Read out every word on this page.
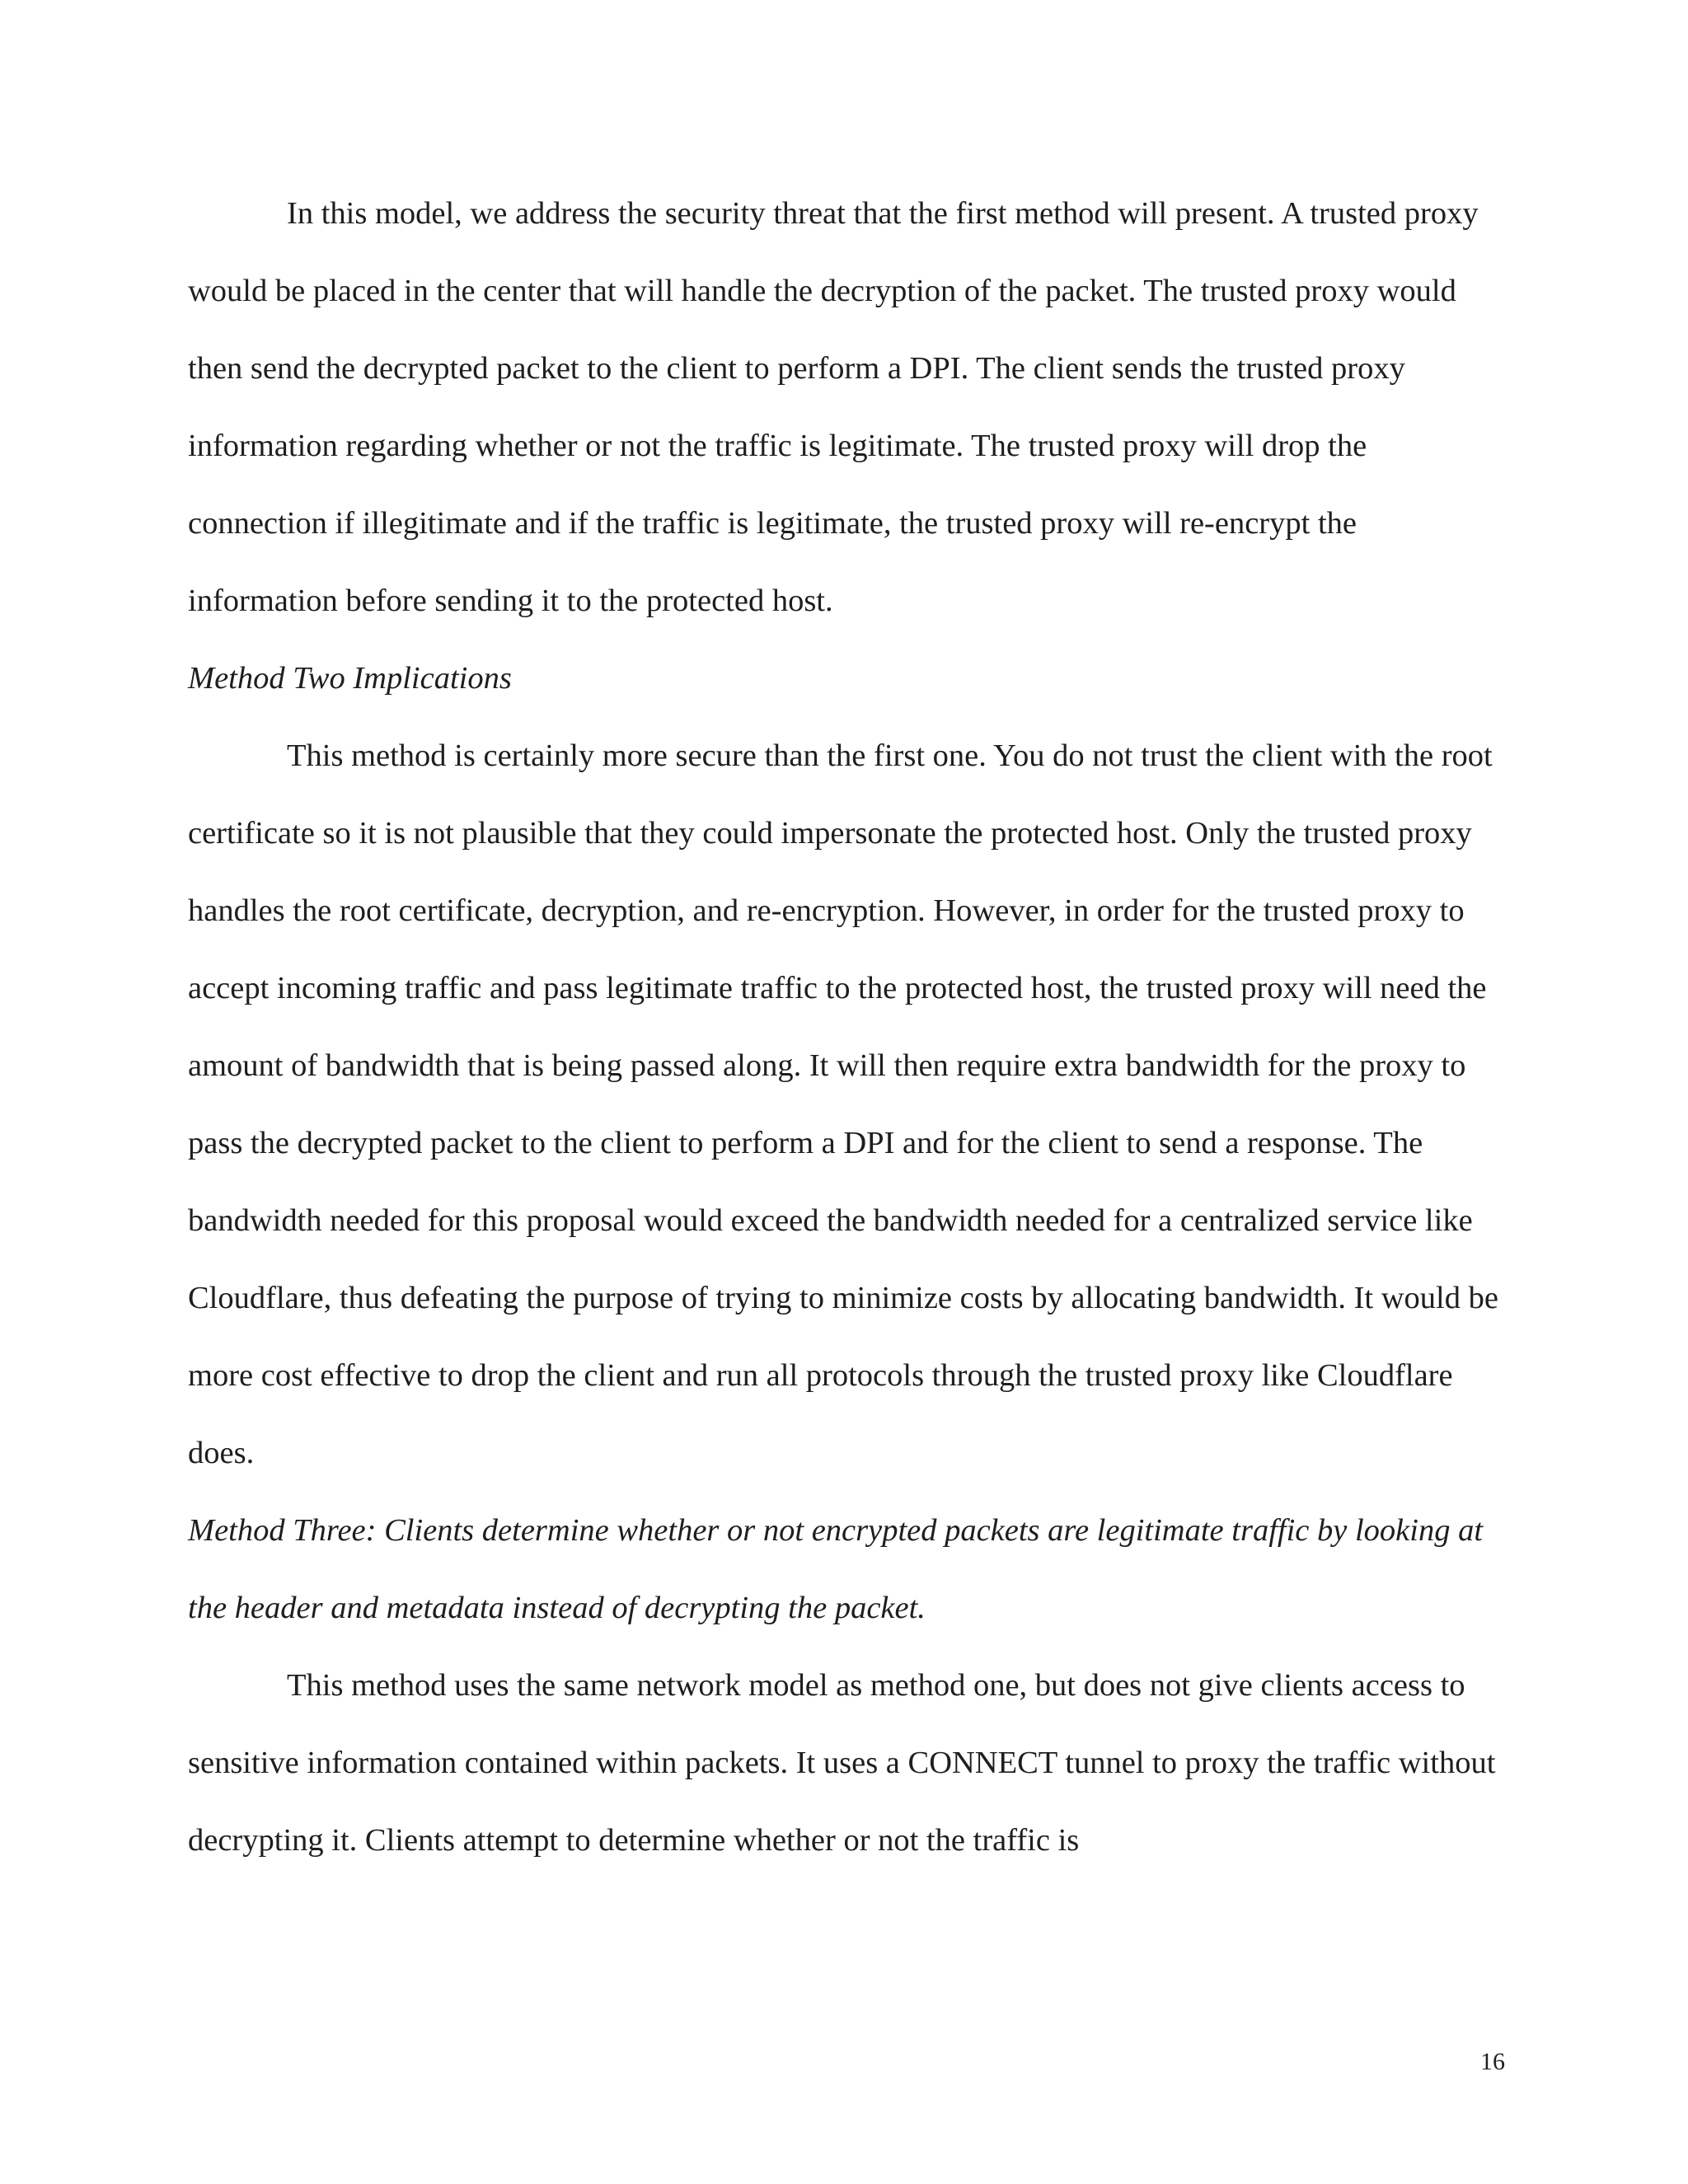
In this model, we address the security threat that the first method will present. A trusted proxy would be placed in the center that will handle the decryption of the packet. The trusted proxy would then send the decrypted packet to the client to perform a DPI. The client sends the trusted proxy information regarding whether or not the traffic is legitimate. The trusted proxy will drop the connection if illegitimate and if the traffic is legitimate, the trusted proxy will re-encrypt the information before sending it to the protected host.

Method Two Implications

This method is certainly more secure than the first one. You do not trust the client with the root certificate so it is not plausible that they could impersonate the protected host. Only the trusted proxy handles the root certificate, decryption, and re-encryption. However, in order for the trusted proxy to accept incoming traffic and pass legitimate traffic to the protected host, the trusted proxy will need the amount of bandwidth that is being passed along. It will then require extra bandwidth for the proxy to pass the decrypted packet to the client to perform a DPI and for the client to send a response. The bandwidth needed for this proposal would exceed the bandwidth needed for a centralized service like Cloudflare, thus defeating the purpose of trying to minimize costs by allocating bandwidth. It would be more cost effective to drop the client and run all protocols through the trusted proxy like Cloudflare does.

Method Three: Clients determine whether or not encrypted packets are legitimate traffic by looking at the header and metadata instead of decrypting the packet.

This method uses the same network model as method one, but does not give clients access to sensitive information contained within packets. It uses a CONNECT tunnel to proxy the traffic without decrypting it. Clients attempt to determine whether or not the traffic is

16
